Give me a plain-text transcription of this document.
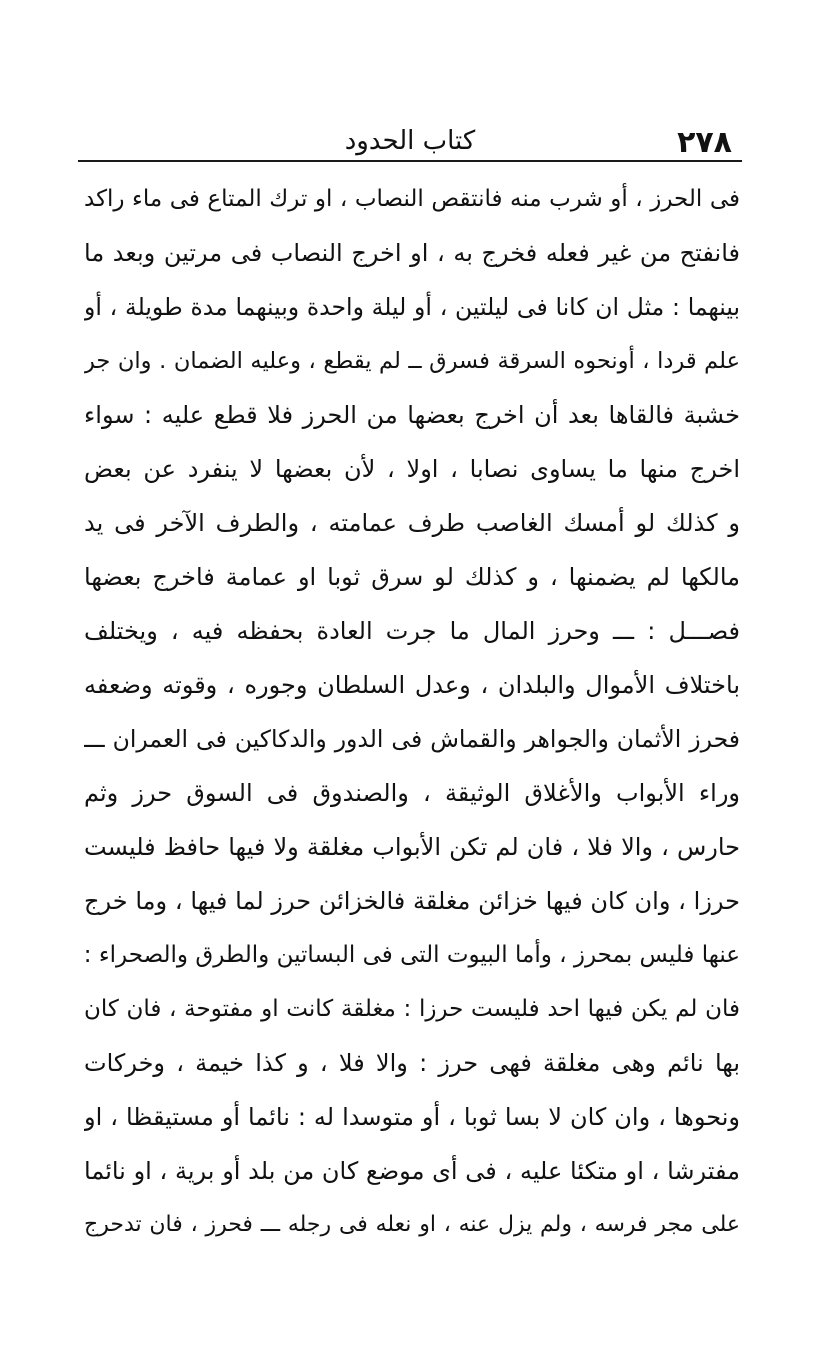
٢٧٨
كتاب الحدود
فى الحرز ، أو شرب منه فانتقص النصاب ، او ترك المتاع فى ماء راكد
فانفتح من غير فعله فخرج به ، او اخرج النصاب فى مرتين وبعد ما
بينهما : مثل ان كانا فى ليلتين ، أو ليلة واحدة وبينهما مدة طويلة ، أو
علم قردا ، أونحوه السرقة فسرق ــ لم يقطع ، وعليه الضمان . وان جر
خشبة فالقاها بعد أن اخرج بعضها من الحرز فلا قطع عليه : سواء
اخرج منها ما يساوى نصابا ، اولا ، لأن بعضها لا ينفرد عن بعض
و كذلك لو أمسك الغاصب طرف عمامته ، والطرف الآخر فى يد
مالكها لم يضمنها ، و كذلك لو سرق ثوبا او عمامة فاخرج بعضها
فصـــل : ـــ وحرز المال ما جرت العادة بحفظه فيه ، ويختلف
باختلاف الأموال والبلدان ، وعدل السلطان وجوره ، وقوته وضعفه
فحرز الأثمان والجواهر والقماش فى الدور والدكاكين فى العمران ـــ
وراء الأبواب والأغلاق الوثيقة ، والصندوق فى السوق حرز وثم
حارس ، والا فلا ، فان لم تكن الأبواب مغلقة ولا فيها حافظ فليست
حرزا ، وان كان فيها خزائن مغلقة فالخزائن حرز لما فيها ، وما خرج
عنها فليس بمحرز ، وأما البيوت التى فى البساتين والطرق والصحراء :
فان لم يكن فيها احد فليست حرزا : مغلقة كانت او مفتوحة ، فان كان
بها نائم وهى مغلقة فهى حرز : والا فلا ، و كذا خيمة ، وخركات
ونحوها ، وان كان لا بسا ثوبا ، أو متوسدا له : نائما أو مستيقظا ، او
مفترشا ، او متكئا عليه ، فى أى موضع كان من بلد أو برية ، او نائما
على مجر فرسه ، ولم يزل عنه ، او نعله فى رجله ـــ فحرز ، فان تدحرج
